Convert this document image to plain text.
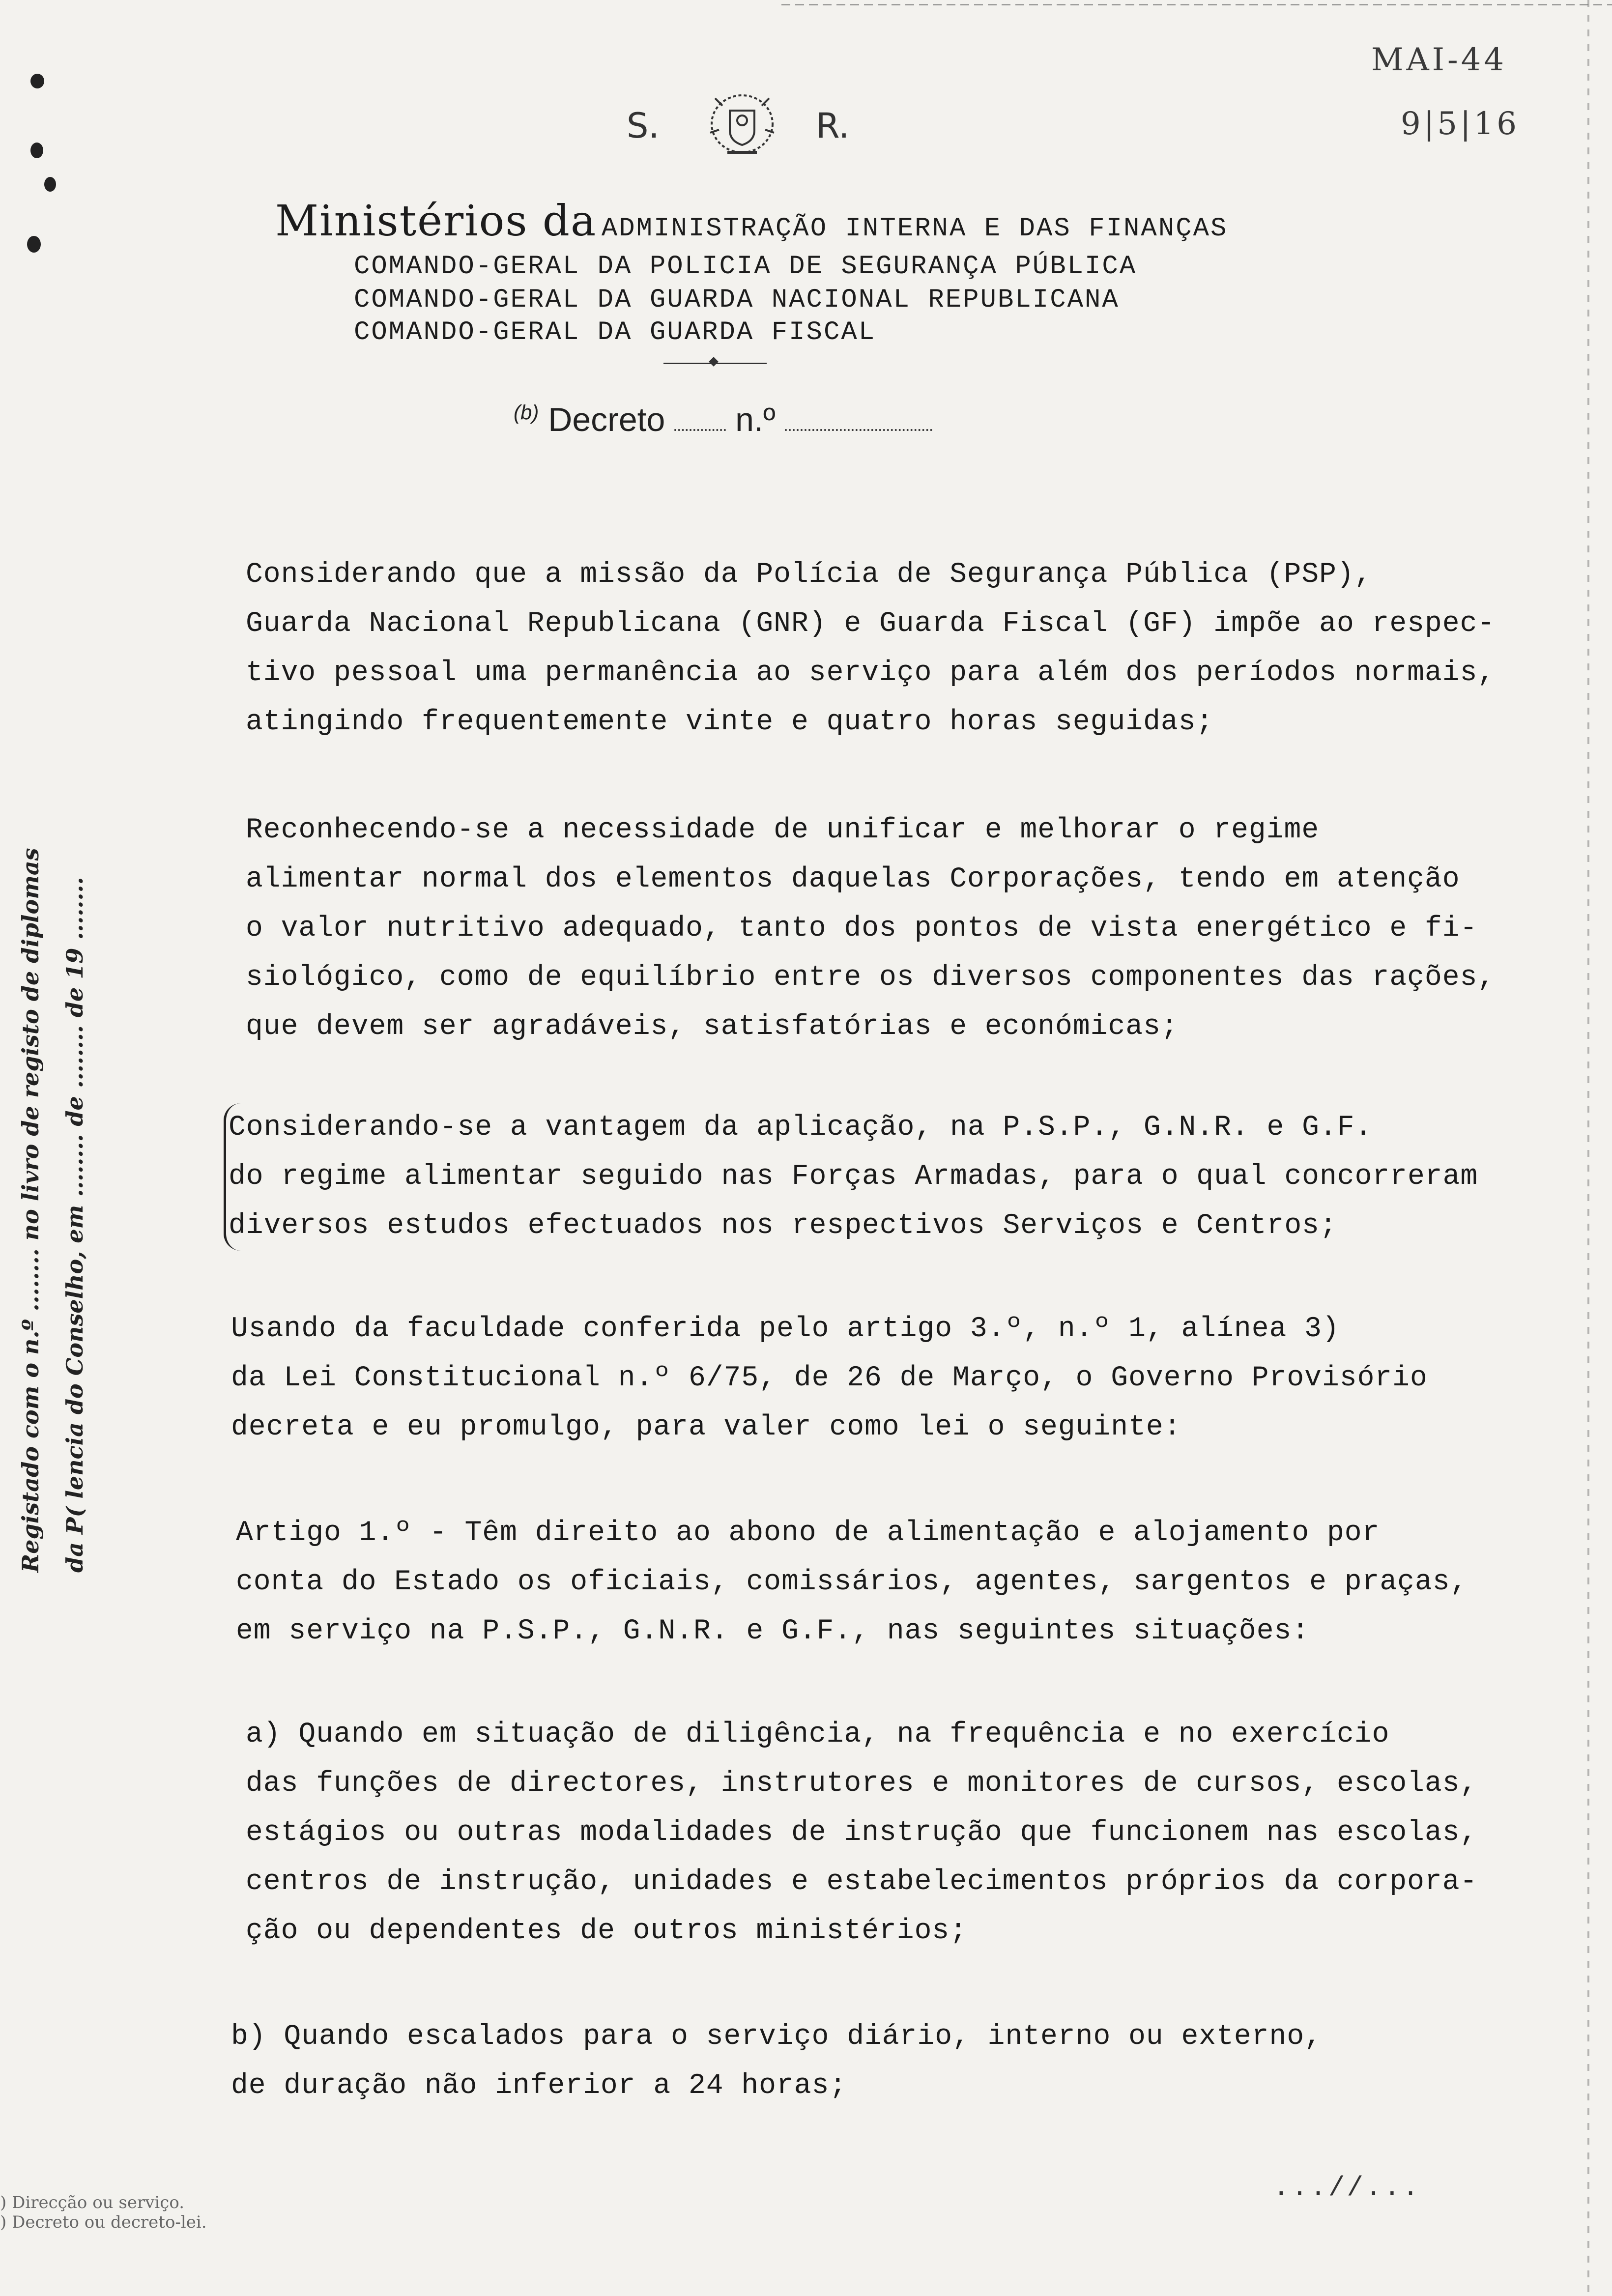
MAI-44
9|5|16
S.	R.
Ministérios da ADMINISTRAÇÃO INTERNA E DAS FINANÇAS
COMANDO-GERAL DA POLICIA DE SEGURANÇA PÚBLICA
COMANDO-GERAL DA GUARDA NACIONAL REPUBLICANA
COMANDO-GERAL DA GUARDA FISCAL
$^{(b)}$ Decreto n.º
Considerando que a missão da Polícia de Segurança Pública (PSP),
Guarda Nacional Republicana (GNR) e Guarda Fiscal (GF) impõe ao respec-
tivo pessoal uma permanência ao serviço para além dos períodos normais,
atingindo frequentemente vinte e quatro horas seguidas;
Reconhecendo-se a necessidade de unificar e melhorar o regime
alimentar normal dos elementos daquelas Corporações, tendo em atenção
o valor nutritivo adequado, tanto dos pontos de vista energético e fi-
siológico, como de equilíbrio entre os diversos componentes das rações,
que devem ser agradáveis, satisfatórias e económicas;
Considerando-se a vantagem da aplicação, na P.S.P., G.N.R. e G.F.
do regime alimentar seguido nas Forças Armadas, para o qual concorreram
diversos estudos efectuados nos respectivos Serviços e Centros;
Usando da faculdade conferida pelo artigo 3.º, n.º 1, alínea 3)
da Lei Constitucional n.º 6/75, de 26 de Março, o Governo Provisório
decreta e eu promulgo, para valer como lei o seguinte:
Artigo 1.º - Têm direito ao abono de alimentação e alojamento por
conta do Estado os oficiais, comissários, agentes, sargentos e praças,
em serviço na P.S.P., G.N.R. e G.F., nas seguintes situações:
a) Quando em situação de diligência, na frequência e no exercício
das funções de directores, instrutores e monitores de cursos, escolas,
estágios ou outras modalidades de instrução que funcionem nas escolas,
centros de instrução, unidades e estabelecimentos próprios da corpora-
ção ou dependentes de outros ministérios;
b) Quando escalados para o serviço diário, interno ou externo,
de duração não inferior a 24 horas;
Registado com o n.º ........ no livro de registo de diplomas da P( lencia do Conselho, em ........ de ........ de 19 ........
) Direcção ou serviço.
) Decreto ou decreto-lei.
...//...
